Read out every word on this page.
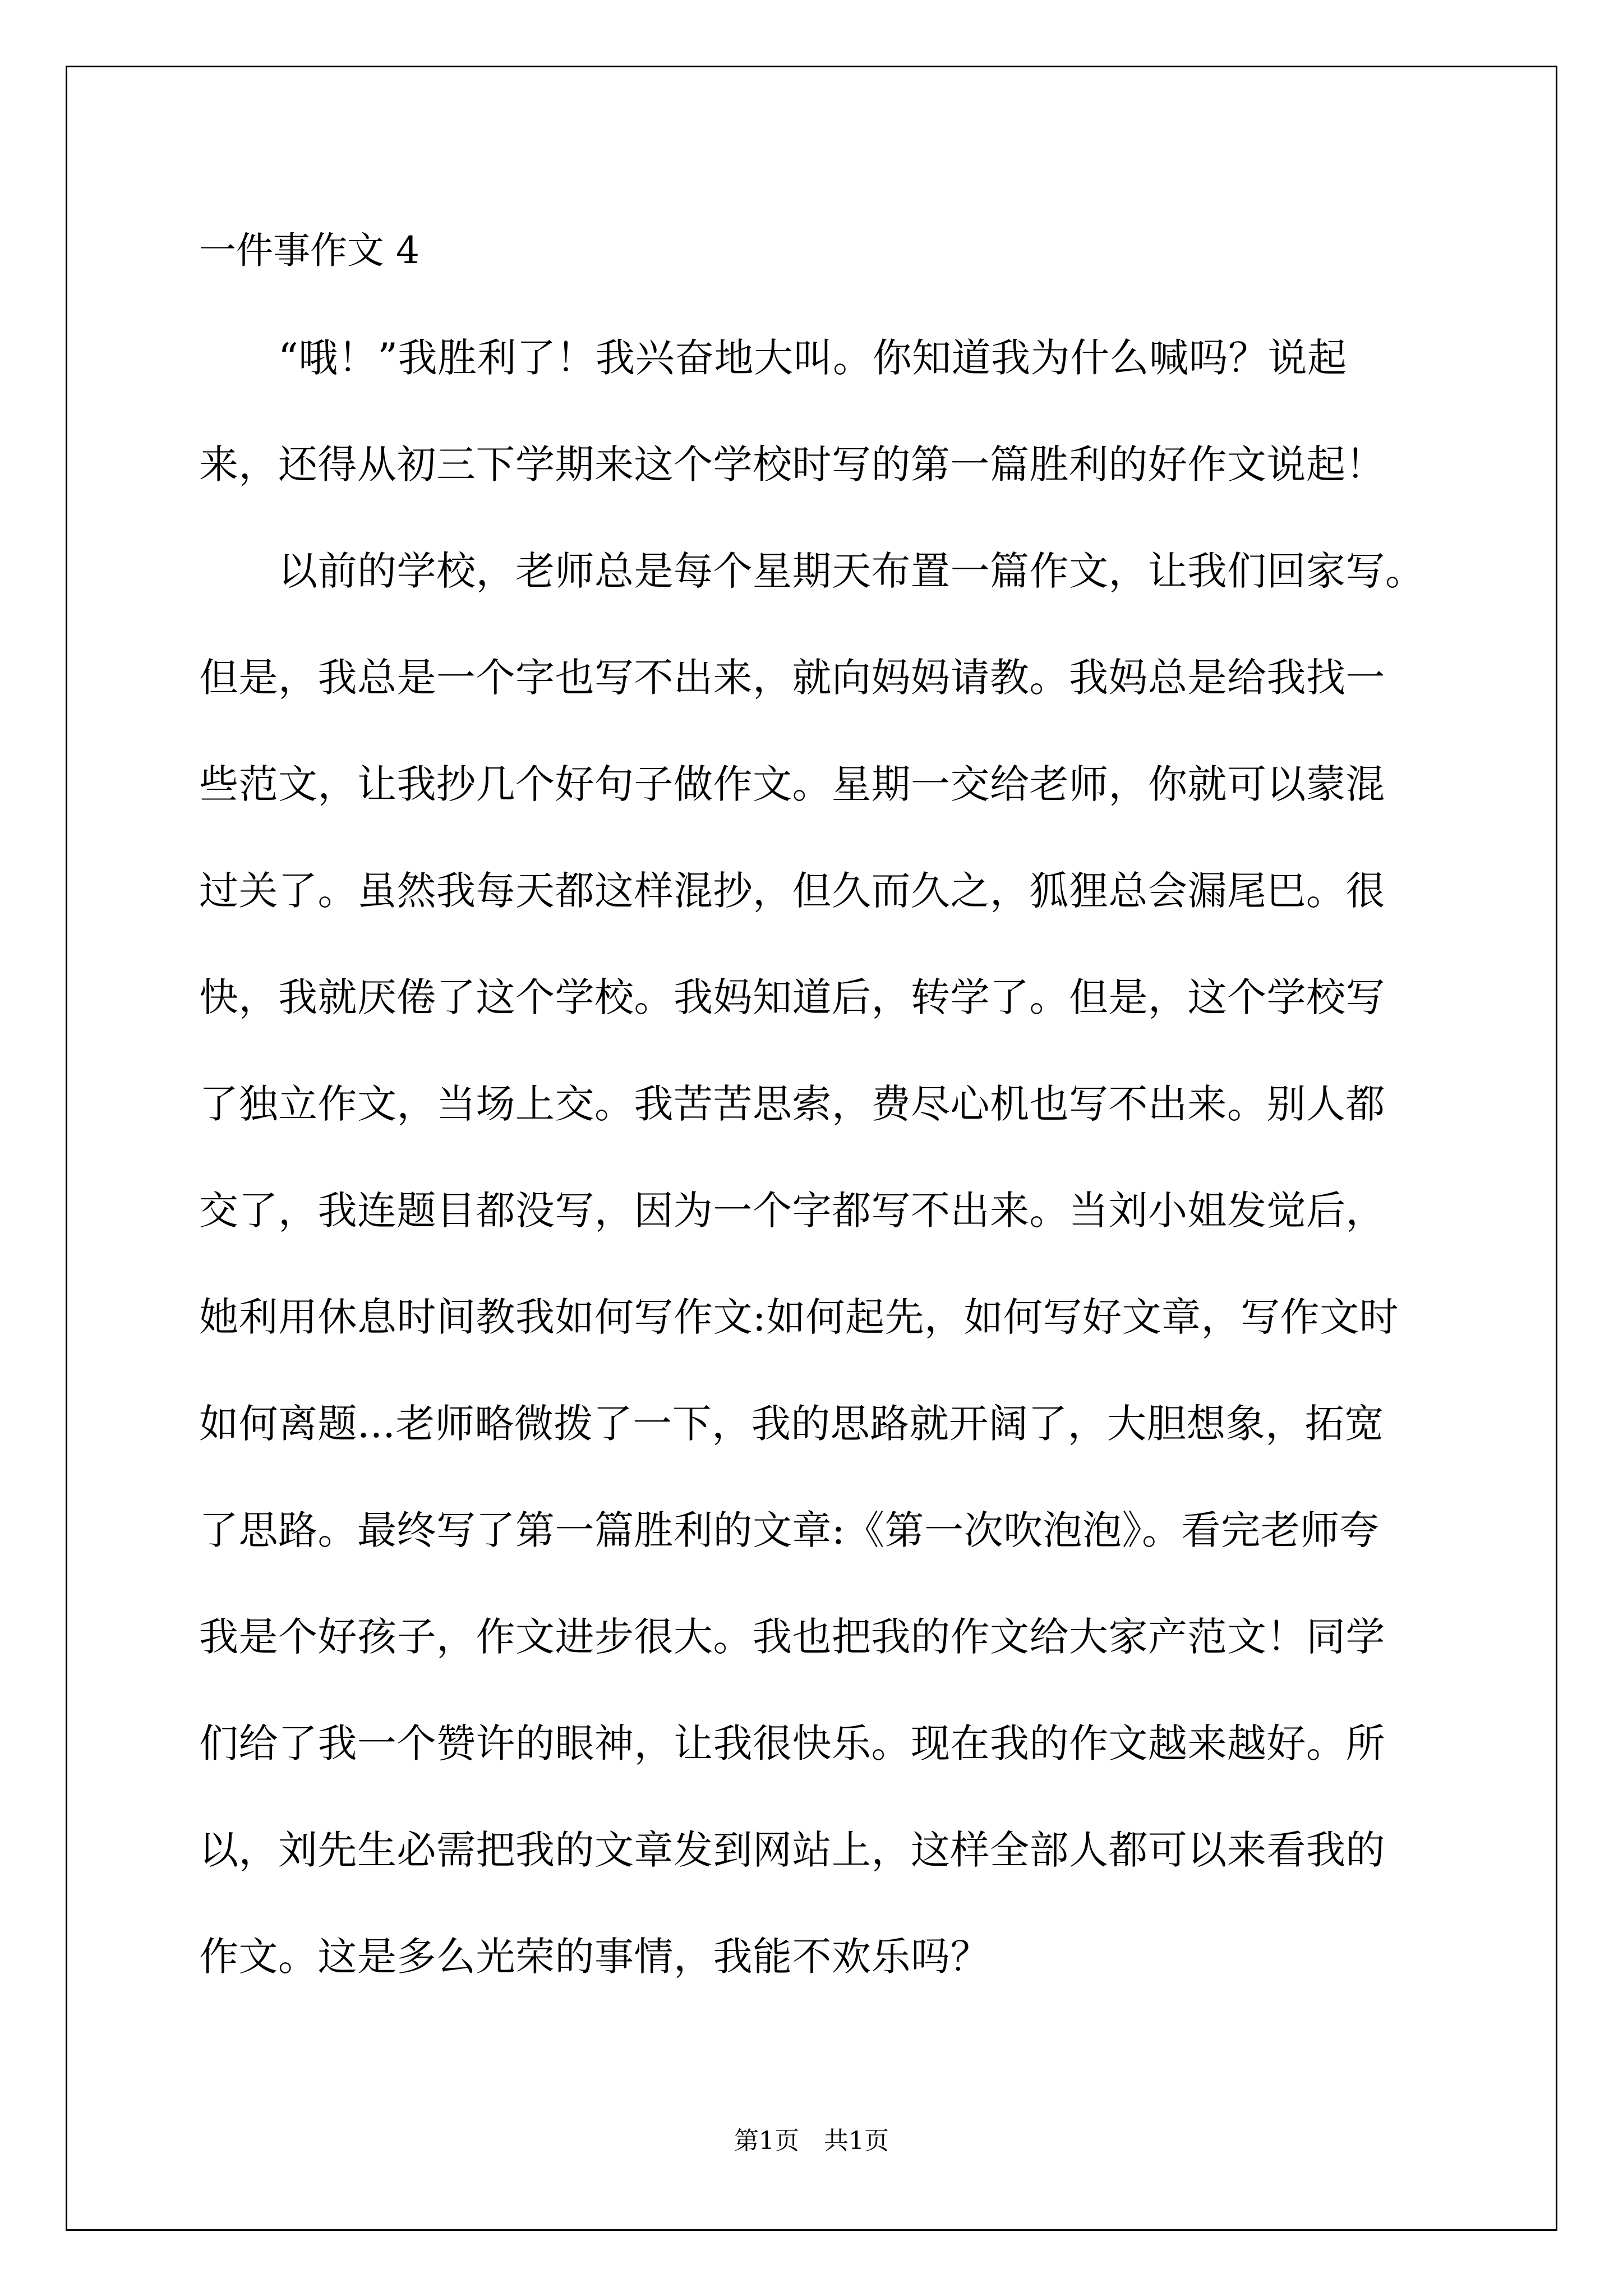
一件事作文 4
　　“哦！”我胜利了！我兴奋地大叫。你知道我为什么喊吗？说起
来，还得从初三下学期来这个学校时写的第一篇胜利的好作文说起！
　　以前的学校，老师总是每个星期天布置一篇作文，让我们回家写。
但是，我总是一个字也写不出来，就向妈妈请教。我妈总是给我找一
些范文，让我抄几个好句子做作文。星期一交给老师，你就可以蒙混
过关了。虽然我每天都这样混抄，但久而久之，狐狸总会漏尾巴。很
快，我就厌倦了这个学校。我妈知道后，转学了。但是，这个学校写
了独立作文，当场上交。我苦苦思索，费尽心机也写不出来。别人都
交了，我连题目都没写，因为一个字都写不出来。当刘小姐发觉后，
她利用休息时间教我如何写作文:如何起先，如何写好文章，写作文时
如何离题...老师略微拨了一下，我的思路就开阔了，大胆想象，拓宽
了思路。最终写了第一篇胜利的文章:《第一次吹泡泡》。看完老师夸
我是个好孩子，作文进步很大。我也把我的作文给大家产范文！同学
们给了我一个赞许的眼神，让我很快乐。现在我的作文越来越好。所
以，刘先生必需把我的文章发到网站上，这样全部人都可以来看我的
作文。这是多么光荣的事情，我能不欢乐吗？
第1页　共1页
